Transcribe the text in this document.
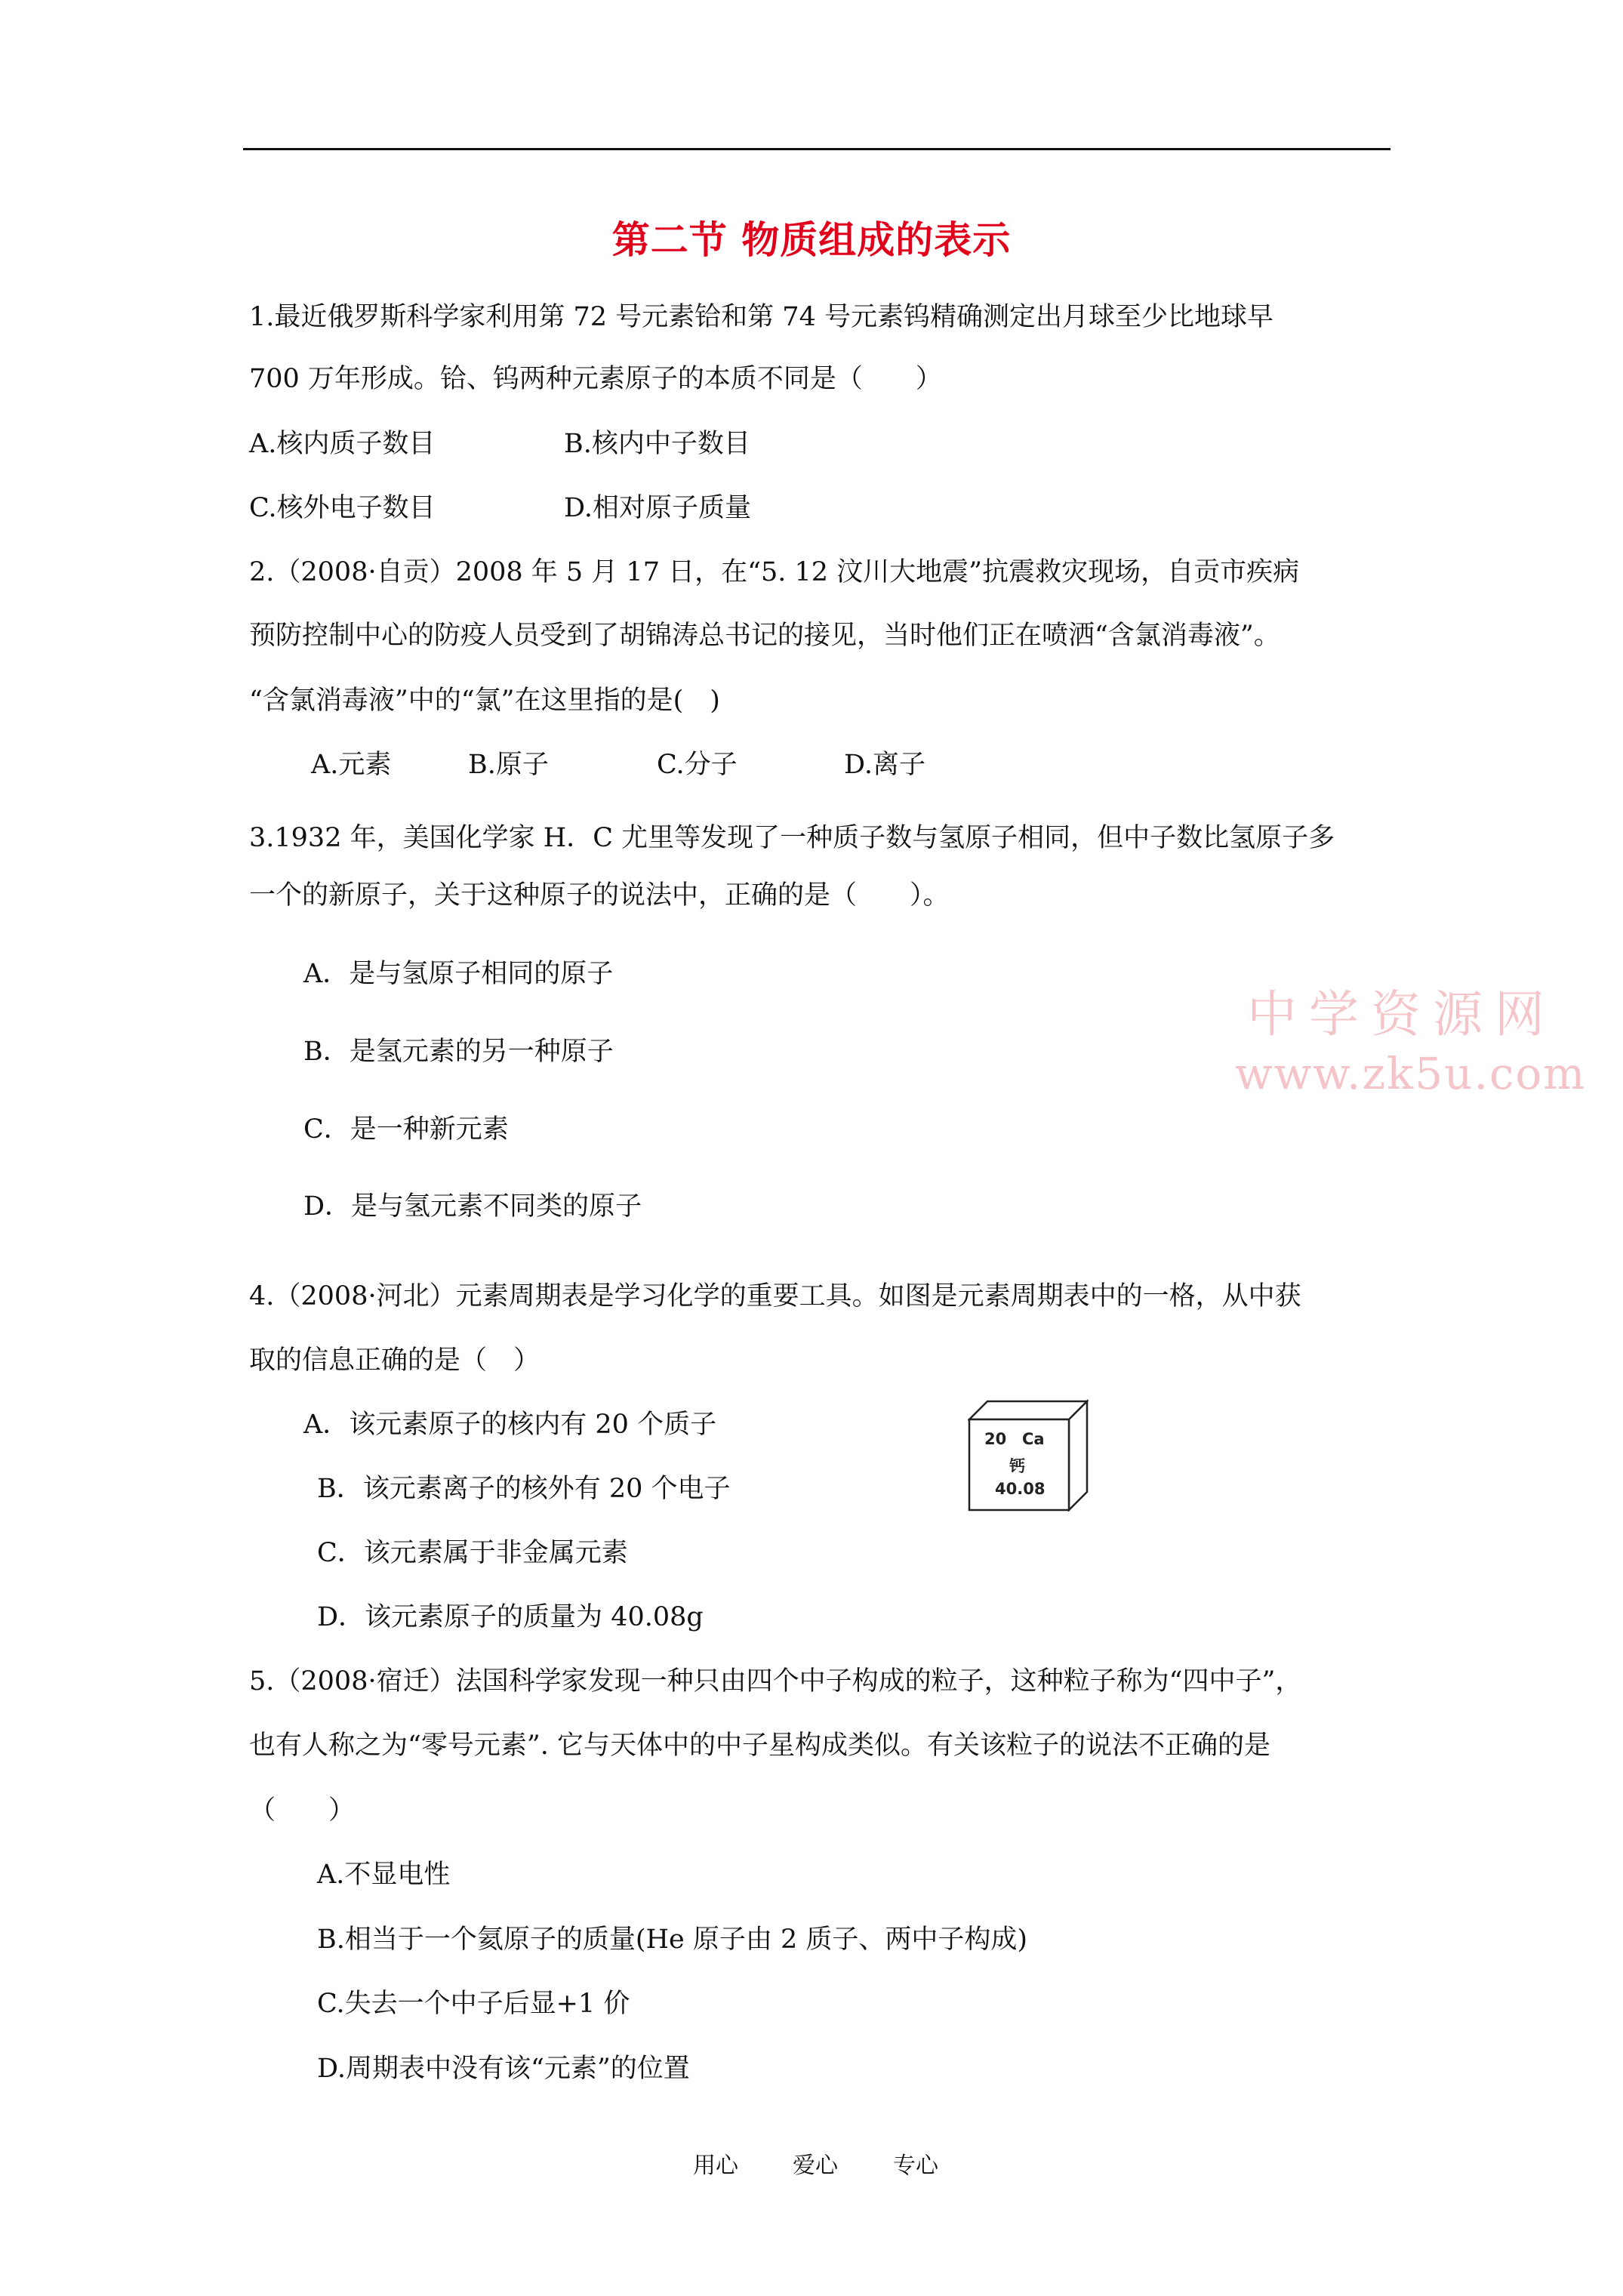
第二节 物质组成的表示
1.最近俄罗斯科学家利用第 72 号元素铪和第 74 号元素钨精确测定出月球至少比地球早
700 万年形成。铪、钨两种元素原子的本质不同是（　　）
A.核内质子数目	B.核内中子数目
C.核外电子数目	D.相对原子质量
2.（2008·自贡）2008 年 5 月 17 日，在“5. 12 汶川大地震”抗震救灾现场，自贡市疾病
预防控制中心的防疫人员受到了胡锦涛总书记的接见，当时他们正在喷洒“含氯消毒液”。
“含氯消毒液”中的“氯”在这里指的是(　)
A.元素	B.原子	C.分子	D.离子
3.1932 年，美国化学家 H．C 尤里等发现了一种质子数与氢原子相同，但中子数比氢原子多
一个的新原子，关于这种原子的说法中，正确的是（　　）。
A．是与氢原子相同的原子
B．是氢元素的另一种原子
C．是一种新元素
D．是与氢元素不同类的原子
中学资源网
www.zk5u.com
4.（2008·河北）元素周期表是学习化学的重要工具。如图是元素周期表中的一格，从中获
取的信息正确的是（　）
A．该元素原子的核内有 20 个质子
B．该元素离子的核外有 20 个电子
C．该元素属于非金属元素
D．该元素原子的质量为 40.08g
20 Ca
钙
40.08
5.（2008·宿迁）法国科学家发现一种只由四个中子构成的粒子，这种粒子称为“四中子”，
也有人称之为“零号元素”. 它与天体中的中子星构成类似。有关该粒子的说法不正确的是
（　　）
A.不显电性
B.相当于一个氦原子的质量(He 原子由 2 质子、两中子构成)
C.失去一个中子后显+1 价
D.周期表中没有该“元素”的位置
用心 爱心 专心
